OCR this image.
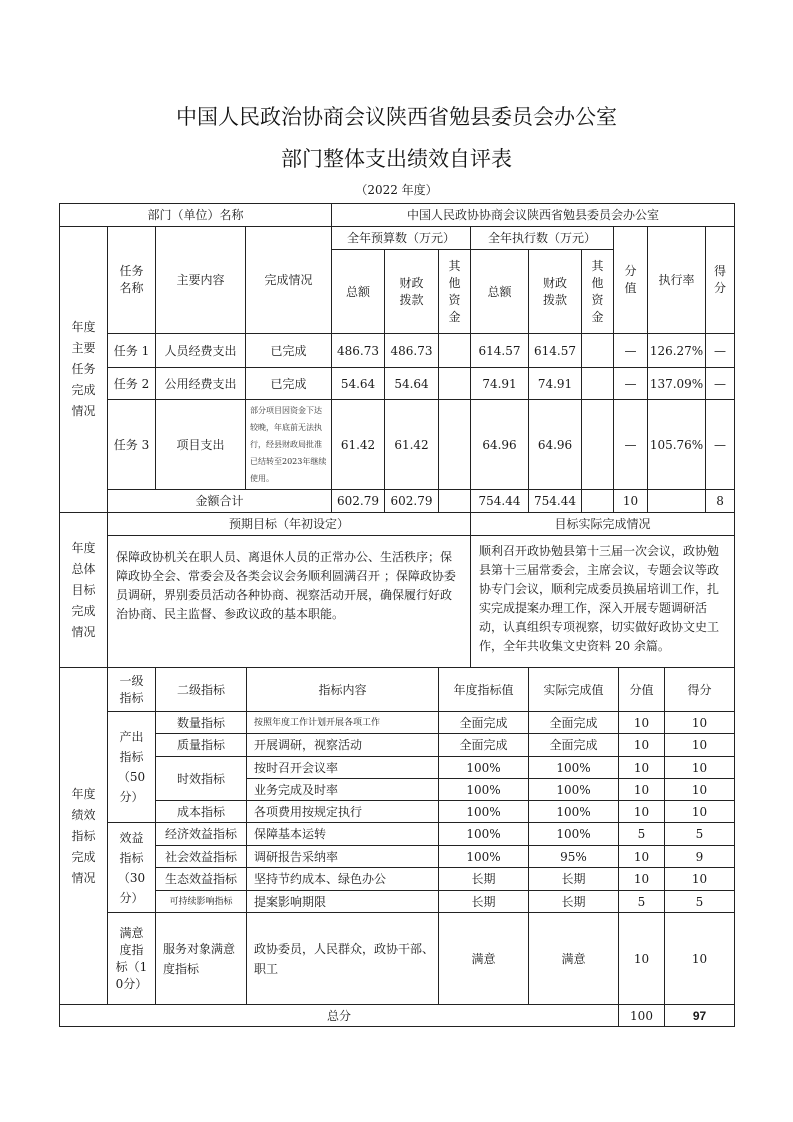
中国人民政治协商会议陕西省勉县委员会办公室
部门整体支出绩效自评表
（2022 年度）
部门（单位）名称				中国人民政协协商会议陕西省勉县委员会办公室								

年度主要任务完成情况	任务名称	主要内容	完成情况	全年预算数（万元）			全年执行数（万元）			分值	执行率	得分

				总额	财政拨款	其他资金	总额	财政拨款	其他资金			

	任务 1	人员经费支出	已完成	486.73	486.73		614.57	614.57		—	126.27%	—
	任务 2	公用经费支出	已完成	54.64	54.64		74.91	74.91		—	137.09%	—
	任务 3	项目支出	部分项目因资金下达较晚，年底前无法执行，经县财政局批准已结转至2023年继续使用。	61.42	61.42		64.96	64.96		—	105.76%	—
	金额合计			602.79	602.79		754.44	754.44		10		8
年度总体目标完成情况	预期目标（年初设定）	目标实际完成情况
	保障政协机关在职人员、离退休人员的正常办公、生活秩序；保障政协全会、常委会及各类会议会务顺利圆满召开 ；保障政协委员调研，界别委员活动各种协商、视察活动开展，确保履行好政治协商、民主监督、参政议政的基本职能。	顺利召开政协勉县第十三届一次会议，政协勉县第十三届常委会，主席会议，专题会议等政协专门会议，顺利完成委员换届培训工作，扎实完成提案办理工作，深入开展专题调研活动，认真组织专项视察，切实做好政协文史工作，全年共收集文史资料 20 余篇。
年度绩效指标完成情况	一级指标	二级指标	指标内容	年度指标值	实际完成值	分值	得分

	产出指标（50分）	数量指标	按照年度工作计划开展各项工作	全面完成	全面完成	10	10
		质量指标	开展调研，视察活动	全面完成	全面完成	10	10
		时效指标	按时召开会议率	100%	100%	10	10
			业务完成及时率	100%	100%	10	10
		成本指标	各项费用按规定执行	100%	100%	10	10

	效益指标（30分）	经济效益指标	保障基本运转	100%	100%	5	5
		社会效益指标	调研报告采纳率	100%	95%	10	9
		生态效益指标	坚持节约成本、绿色办公	长期	长期	10	10
		可持续影响指标	提案影响期限	长期	长期	5	5

	满意度指标（10分）	服务对象满意度指标	政协委员，人民群众，政协干部、职工	满意	满意	10	10
总分	100	97
